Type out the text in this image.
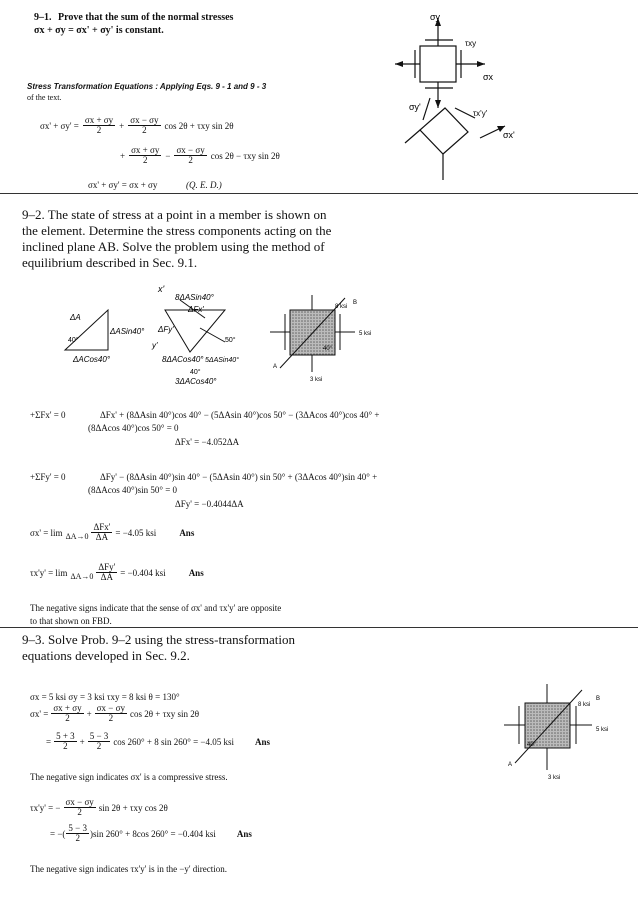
9–1. Prove that the sum of the normal stresses
σx + σy = σx' + σy' is constant.
Stress Transformation Equations : Applying Eqs. 9 - 1 and 9 - 3
of the text.
$\sigma x' + \sigma y' = \frac{\sigma x + \sigma y}{2} + \frac{\sigma x - \sigma y}{2}$ cos 2θ + τxy sin 2θ
+ $\frac{\sigma x + \sigma y}{2} - \frac{\sigma x - \sigma y}{2}$ cos 2θ − τxy sin 2θ
σx' + σy' = σx + σy	(Q. E. D.)
σy
τxy
σx
σy'
τx'y'
σx'
9–2. The state of stress at a point in a member is shown on
the element. Determine the stress components acting on the
inclined plane AB. Solve the problem using the method of
equilibrium described in Sec. 9.1.
x'
8ΔASin40°
ΔFx'
ΔA
40°
ΔASin40° ΔFy'
y'
ΔACos40°	8ΔACos40° 5ΔASin40°
3ΔACos40°
50°
40°
8 ksi
B
5 ksi
A
3 ksi
40°
+ΣFx' = 0	ΔFx' + (8ΔAsin 40°)cos 40° − (5ΔAsin 40°)cos 50° − (3ΔAcos 40°)cos 40° +
(8ΔAcos 40°)cos 50° = 0
ΔFx' = −4.052ΔA
+ΣFy' = 0	ΔFy' − (8ΔAsin 40°)sin 40° − (5ΔAsin 40°) sin 50° + (3ΔAcos 40°)sin 40° +
(8ΔAcos 40°)sin 50° = 0
ΔFy' = −0.4044ΔA
$\sigma x' = \lim \Delta A\to 0 \frac{\text{ΔFx'}}{\Delta A} = -4.05$ ksi	Ans
$\tau x'y' = \lim \Delta A\to 0 \frac{\text{ΔFy'}}{\Delta A} = -0.404$ ksi	Ans
The negative signs indicate that the sense of σx' and τx'y' are opposite
to that shown on FBD.
9–3. Solve Prob. 9–2 using the stress-transformation
equations developed in Sec. 9.2.
σx = 5 ksi σy = 3 ksi τxy = 8 ksi θ = 130°
$\sigma x' = \frac{\sigma x + \sigma y}{2} + \frac{\sigma x - \sigma y}{2}$ cos 2θ + τxy sin 2θ
= $\frac{5 + 3}{2} + \frac{5 - 3}{2}$ cos 260° + 8 sin 260° = −4.05 ksi Ans
The negative sign indicates σx' is a compressive stress.
τx'y' = − $\frac{\sigma x - \sigma y}{2}$ sin 2θ + τxy cos 2θ
= −( $\frac{5 - 3}{2} )\sin$ 260° + 8cos 260° = −0.404 ksi Ans
The negative sign indicates τx'y' is in the −y' direction.
8 ksi
B
5 ksi
A
3 ksi
40°
